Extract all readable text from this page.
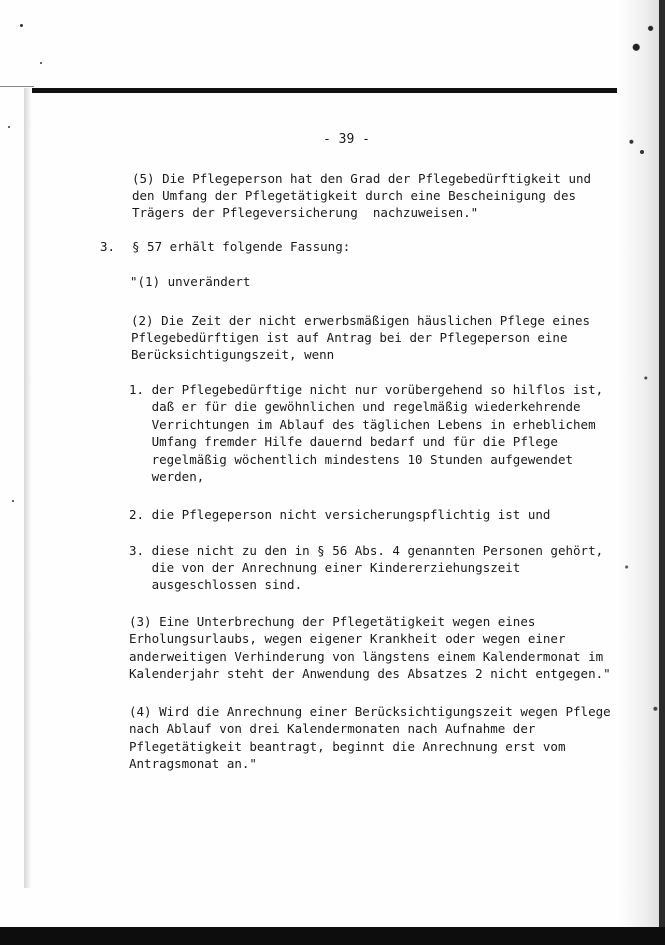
- 39 -
(5) Die Pflegeperson hat den Grad der Pflegebedürftigkeit und
den Umfang der Pflegetätigkeit durch eine Bescheinigung des
Trägers der Pflegeversicherung  nachzuweisen."
3. § 57 erhält folgende Fassung:
"(1) unverändert
(2) Die Zeit der nicht erwerbsmäßigen häuslichen Pflege eines
Pflegebedürftigen ist auf Antrag bei der Pflegeperson eine
Berücksichtigungszeit, wenn
1. der Pflegebedürftige nicht nur vorübergehend so hilflos ist,
daß er für die gewöhnlichen und regelmäßig wiederkehrende
Verrichtungen im Ablauf des täglichen Lebens in erheblichem
Umfang fremder Hilfe dauernd bedarf und für die Pflege
regelmäßig wöchentlich mindestens 10 Stunden aufgewendet
werden,
2. die Pflegeperson nicht versicherungspflichtig ist und
3. diese nicht zu den in § 56 Abs. 4 genannten Personen gehört,
die von der Anrechnung einer Kindererziehungszeit
ausgeschlossen sind.
(3) Eine Unterbrechung der Pflegetätigkeit wegen eines
Erholungsurlaubs, wegen eigener Krankheit oder wegen einer
anderweitigen Verhinderung von längstens einem Kalendermonat im
Kalenderjahr steht der Anwendung des Absatzes 2 nicht entgegen."
(4) Wird die Anrechnung einer Berücksichtigungszeit wegen Pflege
nach Ablauf von drei Kalendermonaten nach Aufnahme der
Pflegetätigkeit beantragt, beginnt die Anrechnung erst vom
Antragsmonat an."
